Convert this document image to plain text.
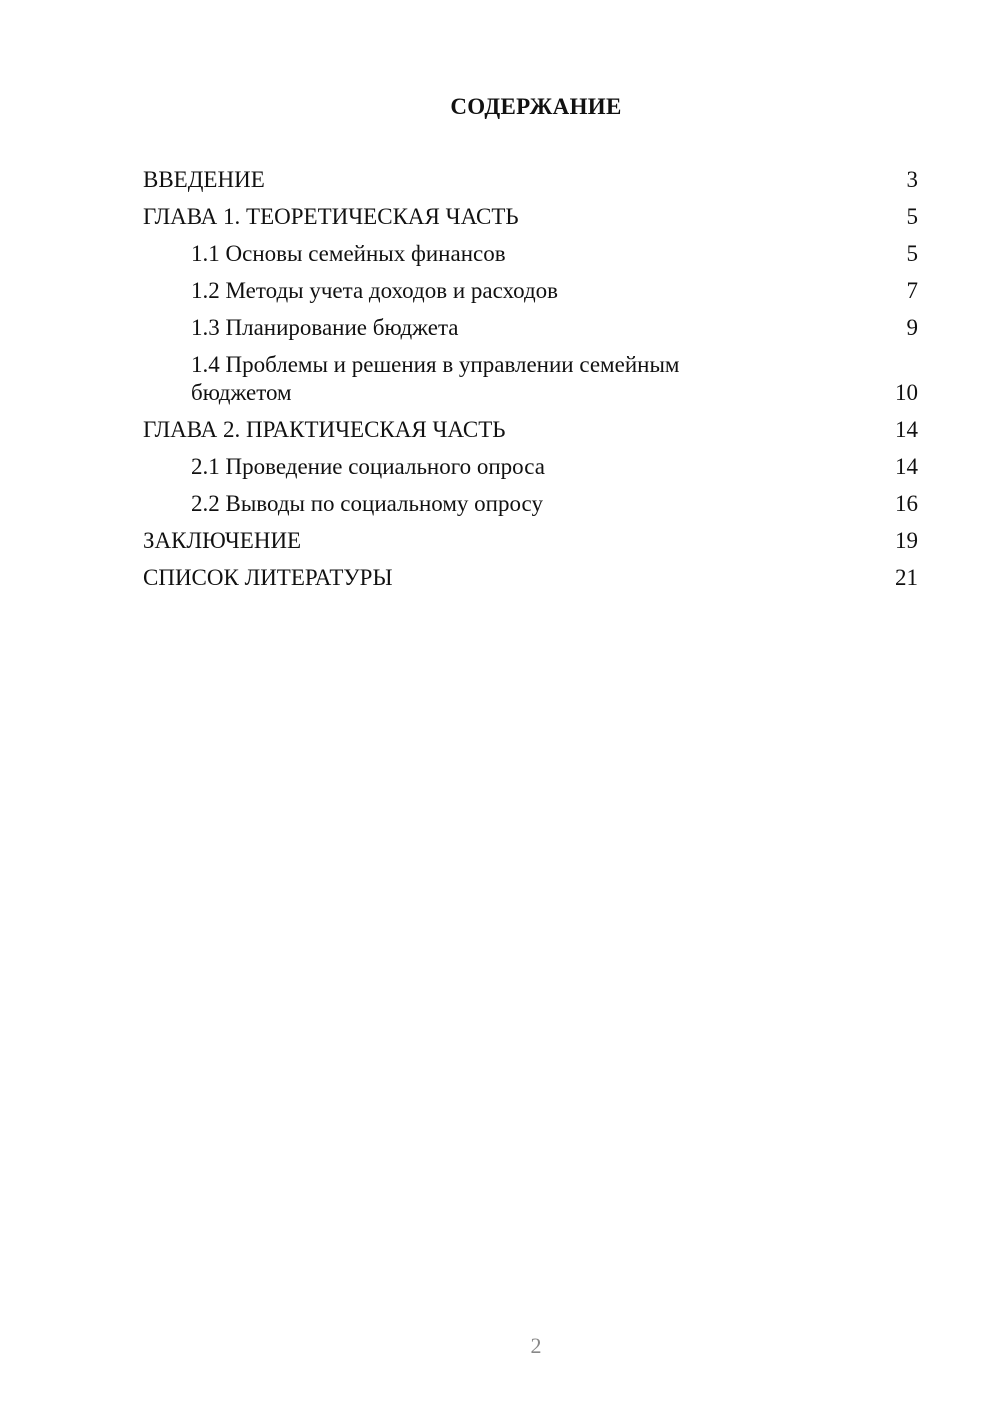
СОДЕРЖАНИЕ
ВВЕДЕНИЕ	3
ГЛАВА 1. ТЕОРЕТИЧЕСКАЯ ЧАСТЬ	5
1.1 Основы семейных финансов	5
1.2 Методы учета доходов и расходов	7
1.3 Планирование бюджета	9
1.4 Проблемы и решения в управлении семейным бюджетом	10
ГЛАВА 2. ПРАКТИЧЕСКАЯ ЧАСТЬ	14
2.1 Проведение социального опроса	14
2.2 Выводы по социальному опросу	16
ЗАКЛЮЧЕНИЕ	19
СПИСОК ЛИТЕРАТУРЫ	21
2
